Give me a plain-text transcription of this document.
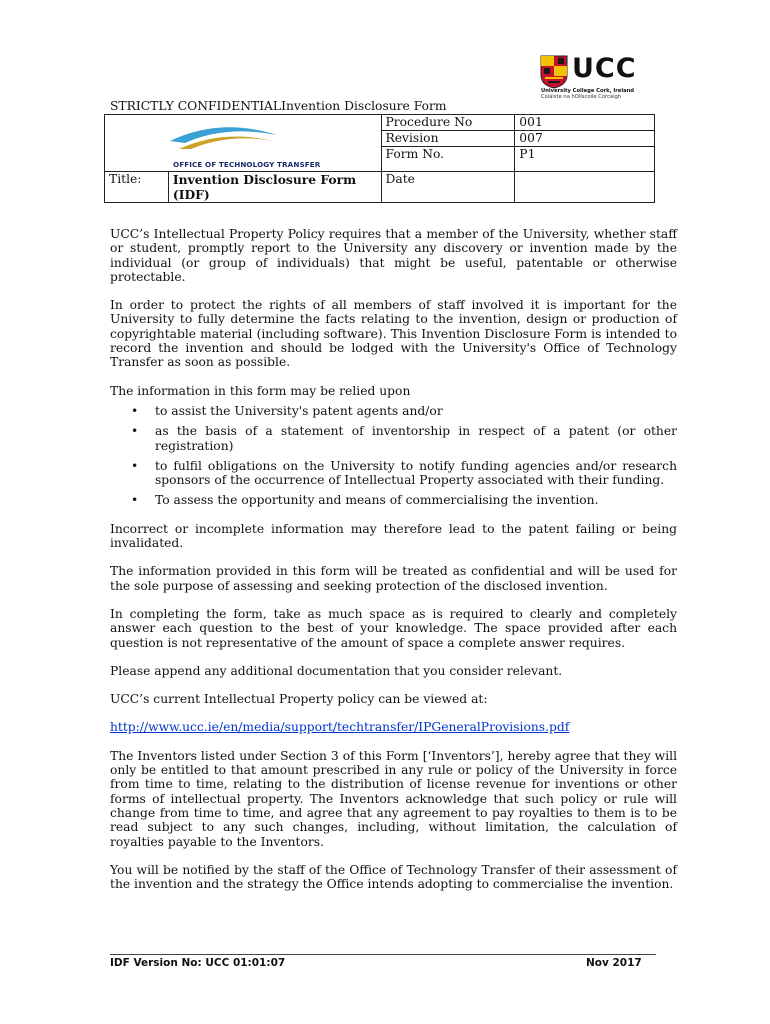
UCC
University College Cork, Ireland
Coláiste na hOllscoile Corcaigh
STRICTLY CONFIDENTIALInvention Disclosure Form
OFFICE OF TECHNOLOGY TRANSFER		Procedure No	001
		Revision	007
		Form No.	P1
Title:	Invention Disclosure Form (IDF)	Date	

UCC’s Intellectual Property Policy requires that a member of the University, whether staff or student, promptly report to the University any discovery or invention made by the individual (or group of individuals) that might be useful, patentable or otherwise protectable.

In order to protect the rights of all members of staff involved it is important for the University to fully determine the facts relating to the invention, design or production of copyrightable material (including software). This Invention Disclosure Form is intended to record the invention and should be lodged with the University's Office of Technology Transfer as soon as possible.

The information in this form may be relied upon

• to assist the University's patent agents and/or
• as the basis of a statement of inventorship in respect of a patent (or other registration)
• to fulfil obligations on the University to notify funding agencies and/or research sponsors of the occurrence of Intellectual Property associated with their funding.
• To assess the opportunity and means of commercialising the invention.

Incorrect or incomplete information may therefore lead to the patent failing or being invalidated.

The information provided in this form will be treated as confidential and will be used for the sole purpose of assessing and seeking protection of the disclosed invention.

In completing the form, take as much space as is required to clearly and completely answer each question to the best of your knowledge. The space provided after each question is not representative of the amount of space a complete answer requires.

Please append any additional documentation that you consider relevant.

UCC’s current Intellectual Property policy can be viewed at:

http://www.ucc.ie/en/media/support/techtransfer/IPGeneralProvisions.pdf

The Inventors listed under Section 3 of this Form [‘Inventors’], hereby agree that they will only be entitled to that amount prescribed in any rule or policy of the University in force from time to time, relating to the distribution of license revenue for inventions or other forms of intellectual property. The Inventors acknowledge that such policy or rule will change from time to time, and agree that any agreement to pay royalties to them is to be read subject to any such changes, including, without limitation, the calculation of royalties payable to the Inventors.

You will be notified by the staff of the Office of Technology Transfer of their assessment of the invention and the strategy the Office intends adopting to commercialise the invention.

IDF Version No: UCC 01:01:07	Nov 2017
